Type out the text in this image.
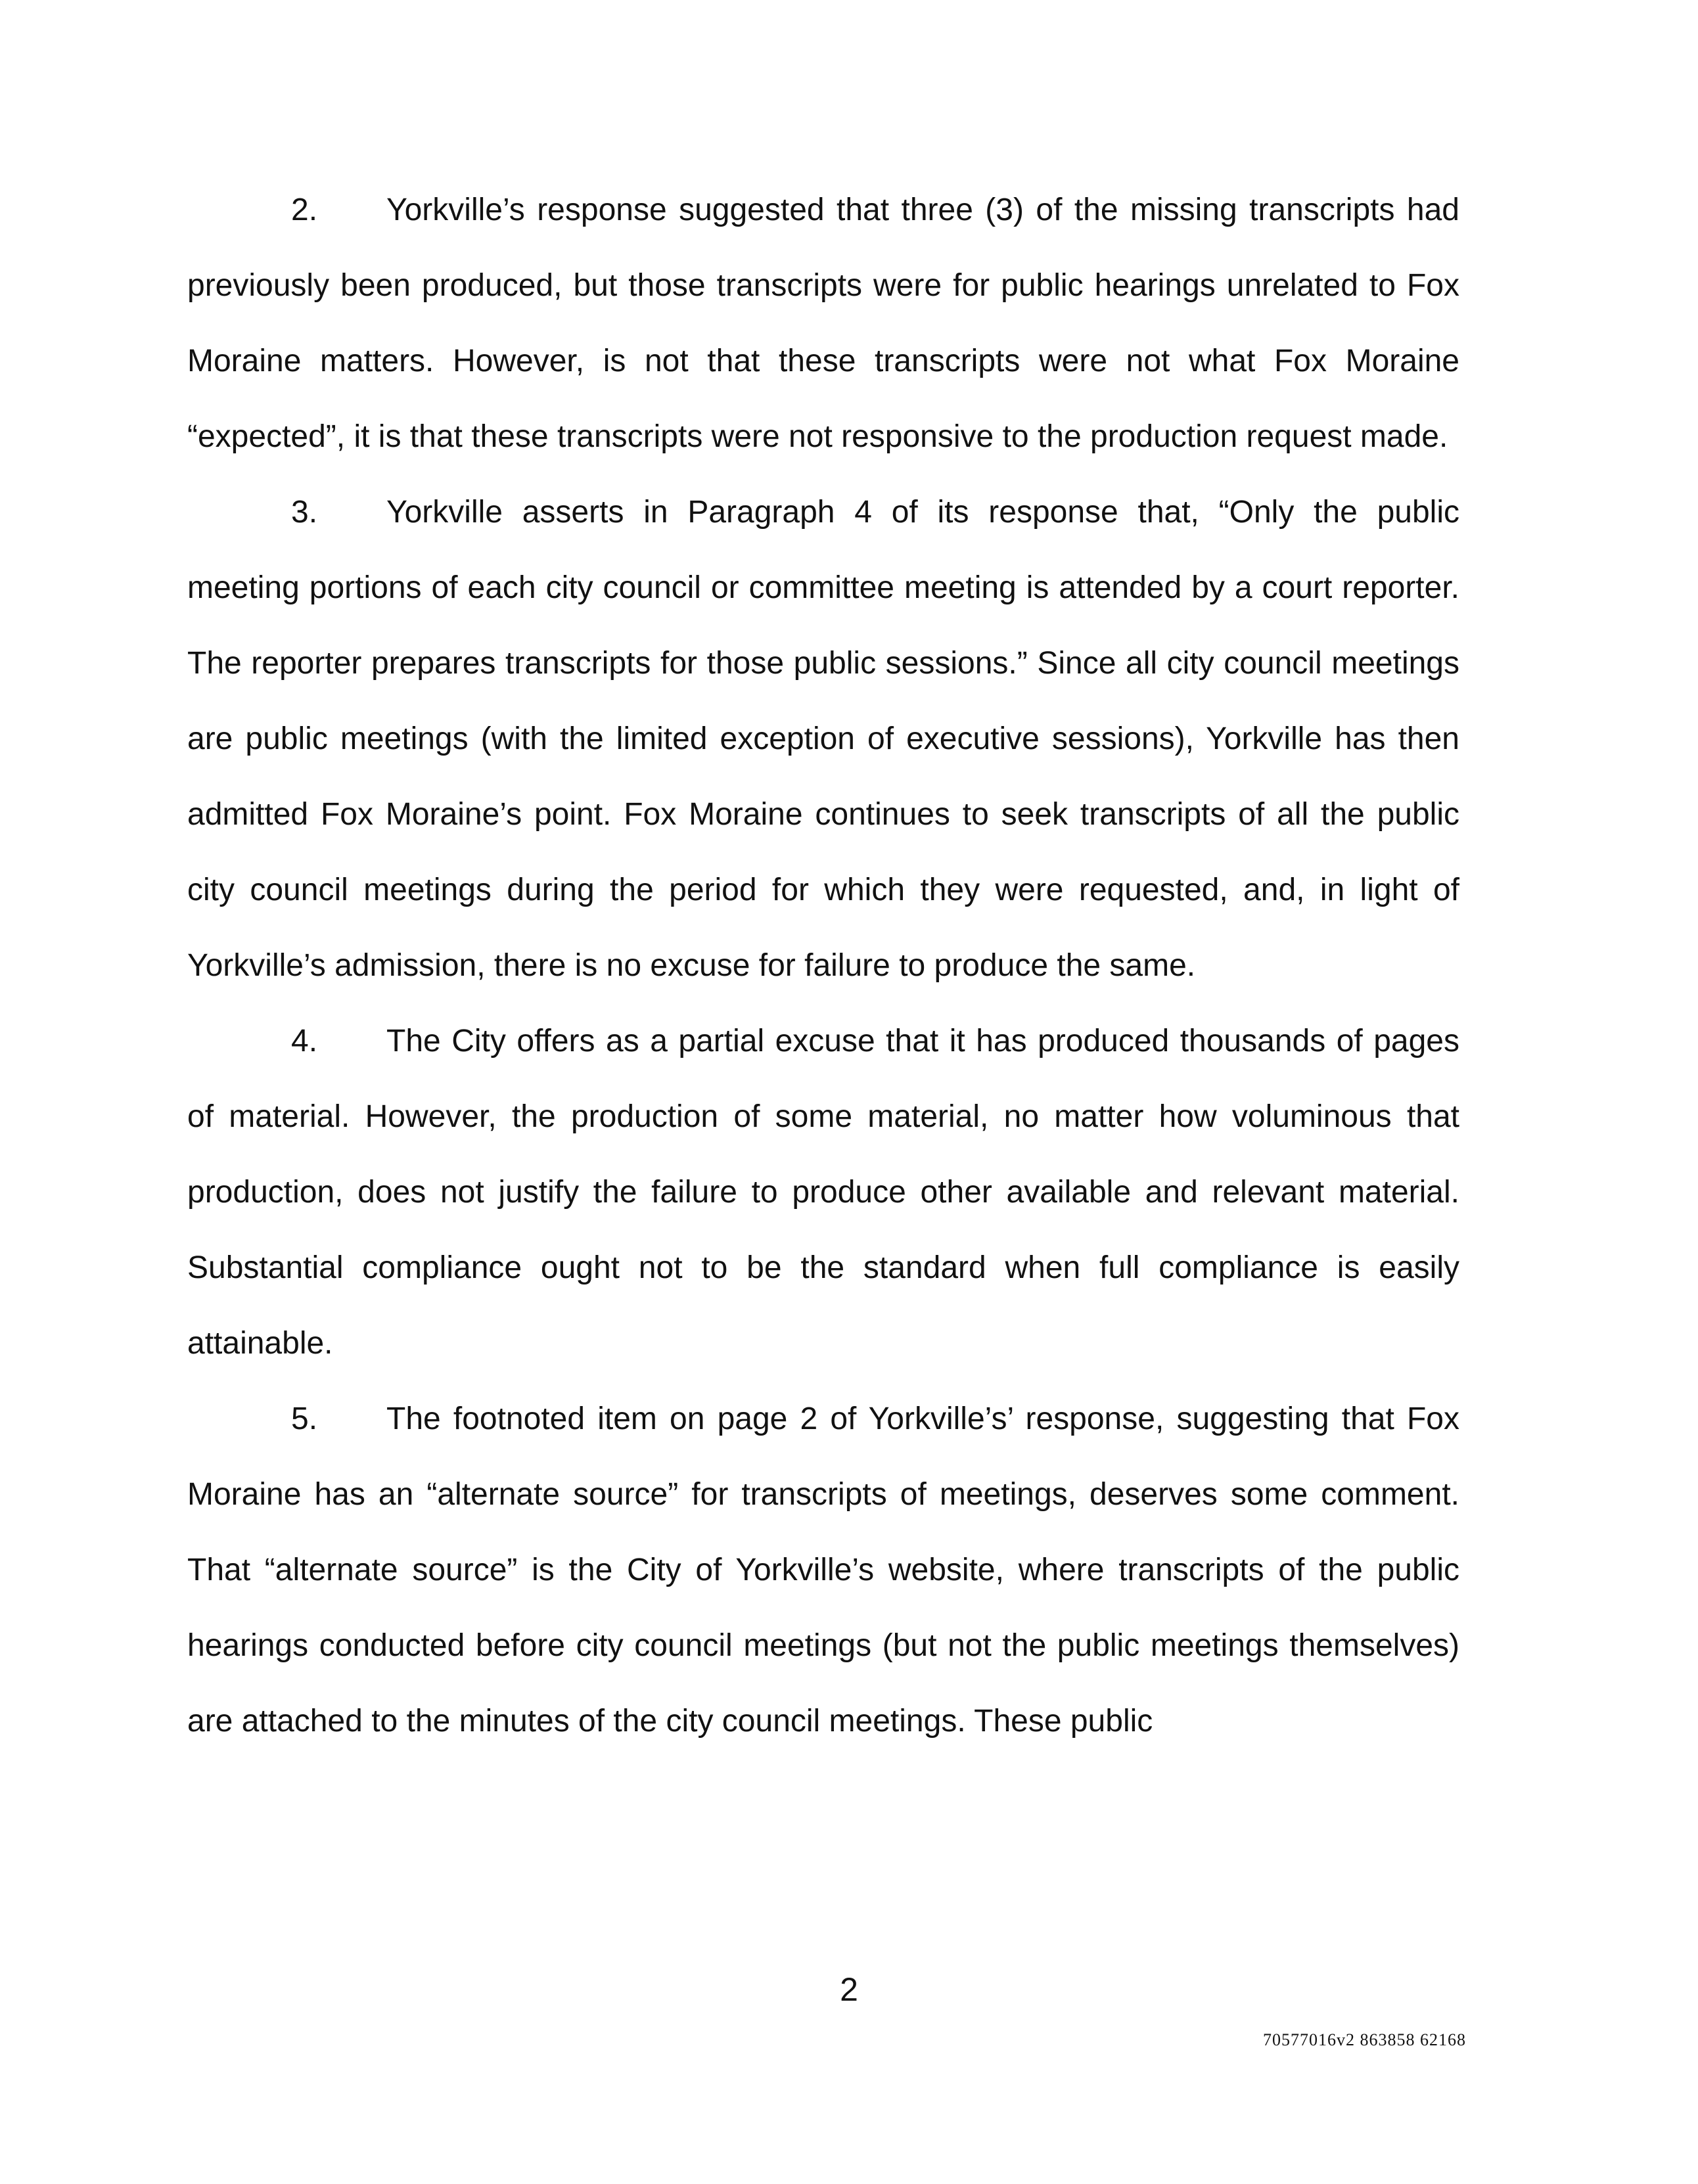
2. Yorkville’s response suggested that three (3) of the missing transcripts had previously been produced, but those transcripts were for public hearings unrelated to Fox Moraine matters. However, is not that these transcripts were not what Fox Moraine “expected”, it is that these transcripts were not responsive to the production request made.

3. Yorkville asserts in Paragraph 4 of its response that, “Only the public meeting portions of each city council or committee meeting is attended by a court reporter. The reporter prepares transcripts for those public sessions.” Since all city council meetings are public meetings (with the limited exception of executive sessions), Yorkville has then admitted Fox Moraine’s point. Fox Moraine continues to seek transcripts of all the public city council meetings during the period for which they were requested, and, in light of Yorkville’s admission, there is no excuse for failure to produce the same.

4. The City offers as a partial excuse that it has produced thousands of pages of material. However, the production of some material, no matter how voluminous that production, does not justify the failure to produce other available and relevant material. Substantial compliance ought not to be the standard when full compliance is easily attainable.

5. The footnoted item on page 2 of Yorkville’s’ response, suggesting that Fox Moraine has an “alternate source” for transcripts of meetings, deserves some comment. That “alternate source” is the City of Yorkville’s website, where transcripts of the public hearings conducted before city council meetings (but not the public meetings themselves) are attached to the minutes of the city council meetings. These public

2
70577016v2 863858 62168
